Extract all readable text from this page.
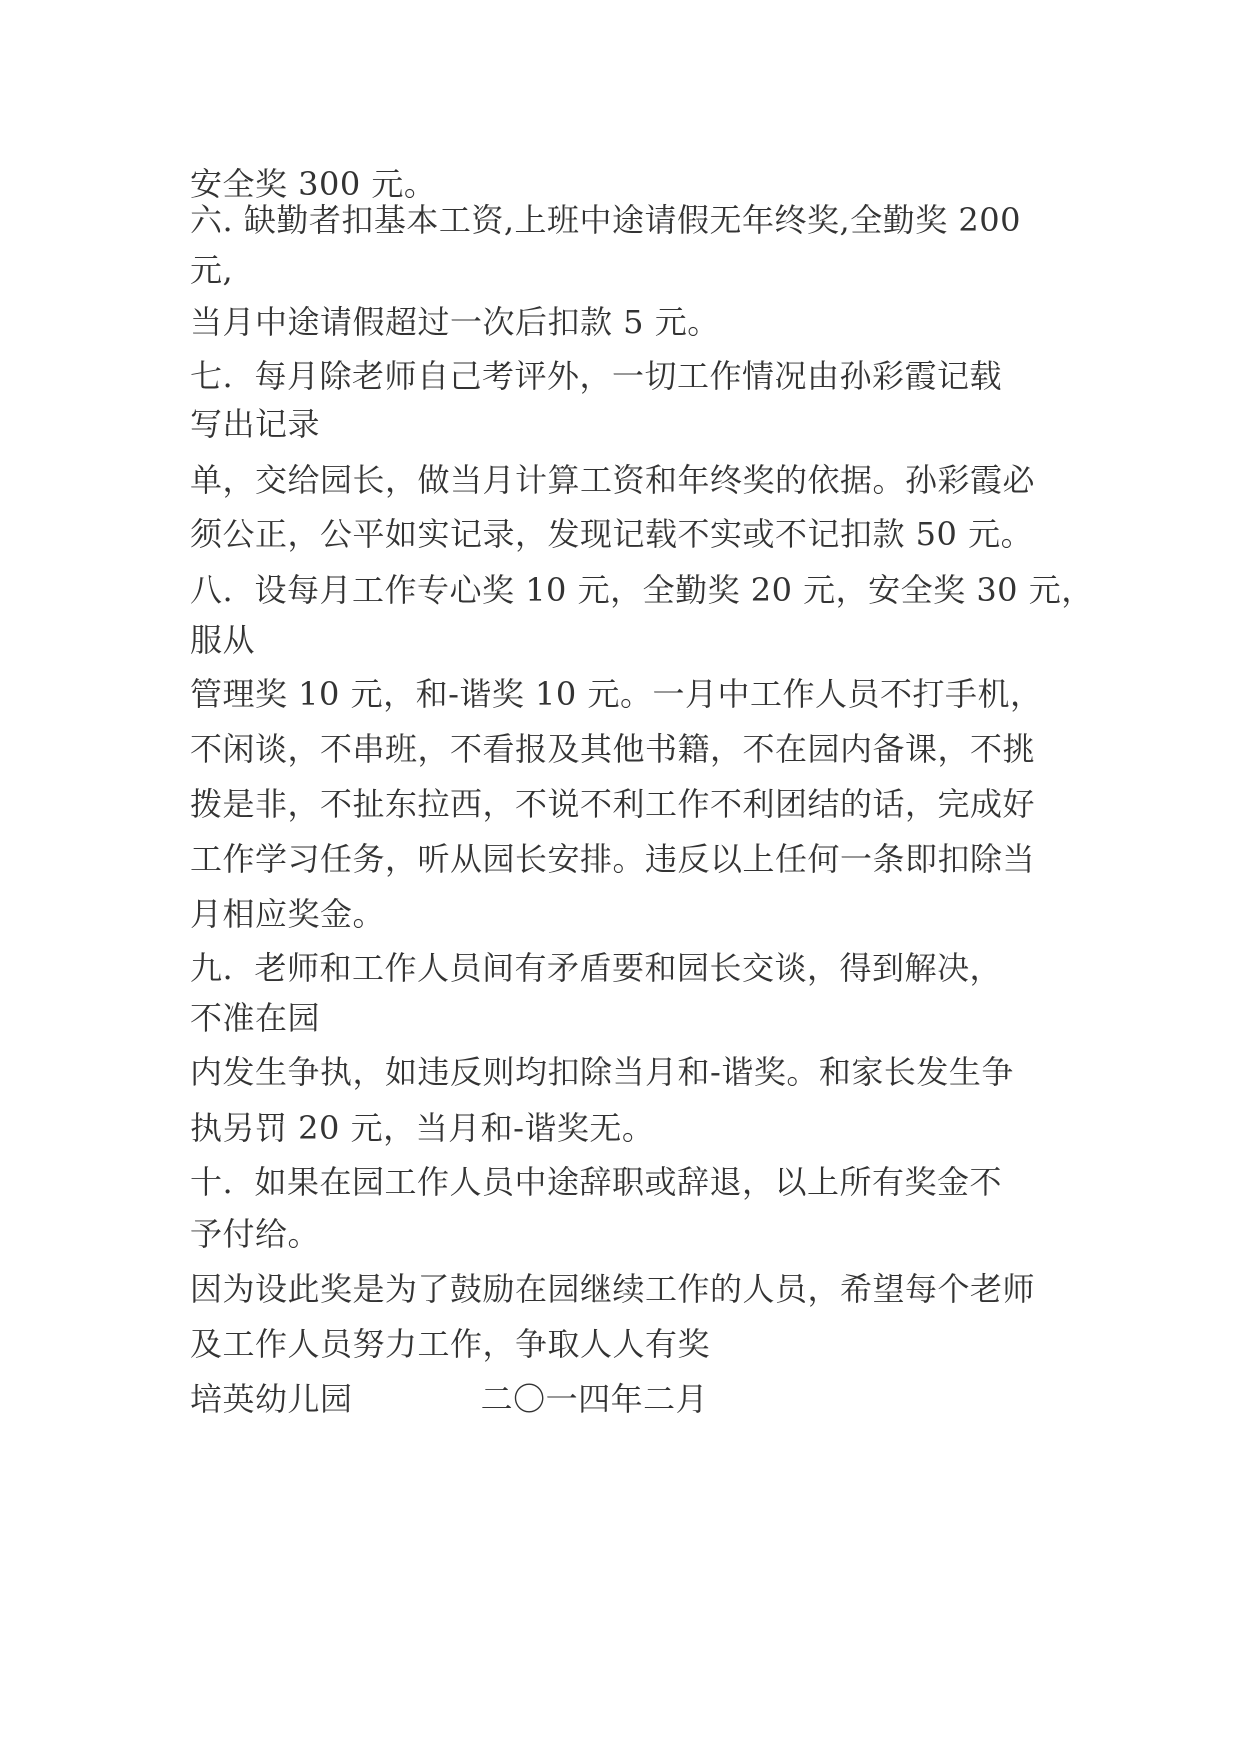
安全奖 300 元。
六. 缺勤者扣基本工资,上班中途请假无年终奖,全勤奖 200
元,
当月中途请假超过一次后扣款 5 元。
七.  每月除老师自己考评外，一切工作情况由孙彩霞记载
写出记录
单，交给园长，做当月计算工资和年终奖的依据。孙彩霞必
须公正，公平如实记录，发现记载不实或不记扣款 50 元。
八.  设每月工作专心奖 10 元，全勤奖 20 元，安全奖 30 元，
服从
管理奖 10 元，和-谐奖 10 元。一月中工作人员不打手机，
不闲谈，不串班，不看报及其他书籍，不在园内备课，不挑
拨是非，不扯东拉西，不说不利工作不利团结的话，完成好
工作学习任务，听从园长安排。违反以上任何一条即扣除当
月相应奖金。
九.  老师和工作人员间有矛盾要和园长交谈，得到解决，
不准在园
内发生争执，如违反则均扣除当月和-谐奖。和家长发生争
执另罚 20 元，当月和-谐奖无。
十.  如果在园工作人员中途辞职或辞退，以上所有奖金不
予付给。
因为设此奖是为了鼓励在园继续工作的人员，希望每个老师
及工作人员努力工作，争取人人有奖
培英幼儿园            二〇一四年二月
